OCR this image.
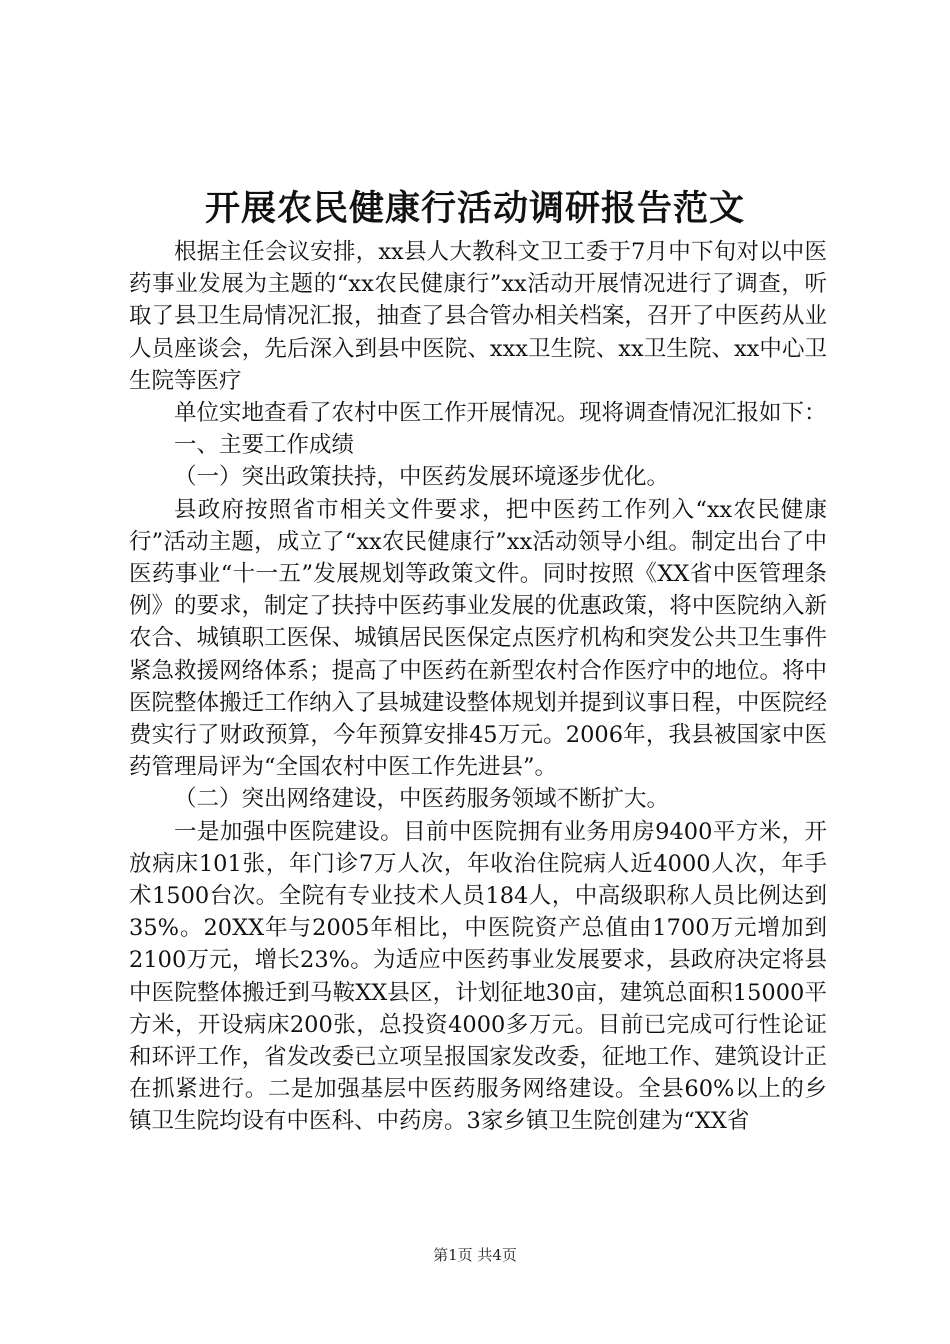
开展农民健康行活动调研报告范文

根据主任会议安排，xx县人大教科文卫工委于7月中下旬对以中医药事业发展为主题的“xx农民健康行”xx活动开展情况进行了调查，听取了县卫生局情况汇报，抽查了县合管办相关档案，召开了中医药从业人员座谈会，先后深入到县中医院、xxx卫生院、xx卫生院、xx中心卫生院等医疗

单位实地查看了农村中医工作开展情况。现将调查情况汇报如下：

一、主要工作成绩

（一）突出政策扶持，中医药发展环境逐步优化。

县政府按照省市相关文件要求，把中医药工作列入“xx农民健康行”活动主题，成立了“xx农民健康行”xx活动领导小组。制定出台了中医药事业“十一五”发展规划等政策文件。同时按照《XX省中医管理条例》的要求，制定了扶持中医药事业发展的优惠政策，将中医院纳入新农合、城镇职工医保、城镇居民医保定点医疗机构和突发公共卫生事件紧急救援网络体系；提高了中医药在新型农村合作医疗中的地位。将中医院整体搬迁工作纳入了县城建设整体规划并提到议事日程，中医院经费实行了财政预算，今年预算安排45万元。2006年，我县被国家中医药管理局评为“全国农村中医工作先进县”。

（二）突出网络建设，中医药服务领域不断扩大。

一是加强中医院建设。目前中医院拥有业务用房9400平方米，开放病床101张，年门诊7万人次，年收治住院病人近4000人次，年手术1500台次。全院有专业技术人员184人，中高级职称人员比例达到35%。20XX年与2005年相比，中医院资产总值由1700万元增加到2100万元，增长23%。为适应中医药事业发展要求，县政府决定将县中医院整体搬迁到马鞍XX县区，计划征地30亩，建筑总面积15000平方米，开设病床200张，总投资4000多万元。目前已完成可行性论证和环评工作，省发改委已立项呈报国家发改委，征地工作、建筑设计正在抓紧进行。二是加强基层中医药服务网络建设。全县60%以上的乡镇卫生院均设有中医科、中药房。3家乡镇卫生院创建为“XX省

第1页 共4页
